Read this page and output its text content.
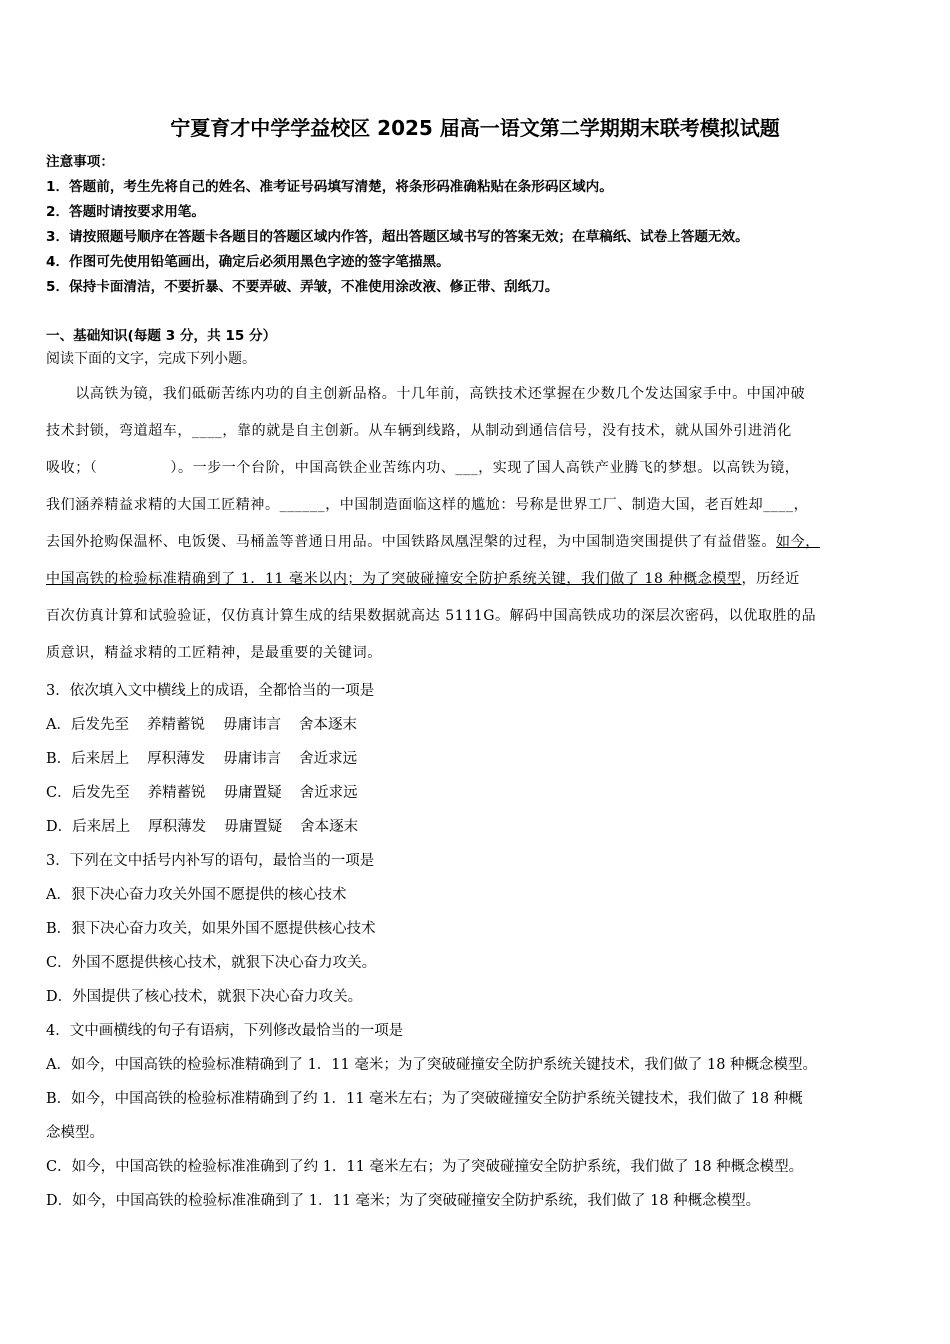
宁夏育才中学学益校区 2025 届高一语文第二学期期末联考模拟试题
注意事项：
1．答题前，考生先将自己的姓名、准考证号码填写清楚，将条形码准确粘贴在条形码区域内。
2．答题时请按要求用笔。
3．请按照题号顺序在答题卡各题目的答题区域内作答，超出答题区域书写的答案无效；在草稿纸、试卷上答题无效。
4．作图可先使用铅笔画出，确定后必须用黑色字迹的签字笔描黑。
5．保持卡面清洁，不要折暴、不要弄破、弄皱，不准使用涂改液、修正带、刮纸刀。
一、基础知识(每题 3 分，共 15 分）
阅读下面的文字，完成下列小题。
　　以高铁为镜，我们砥砺苦练内功的自主创新品格。十几年前，高铁技术还掌握在少数几个发达国家手中。中国冲破
技术封锁，弯道超车，____，靠的就是自主创新。从车辆到线路，从制动到通信信号，没有技术，就从国外引进消化
吸收；（　　　　　）。一步一个台阶，中国高铁企业苦练内功、___，实现了国人高铁产业腾飞的梦想。以高铁为镜，
我们涵养精益求精的大国工匠精神。______，中国制造面临这样的尴尬：号称是世界工厂、制造大国，老百姓却____，
去国外抢购保温杯、电饭煲、马桶盖等普通日用品。中国铁路凤凰涅槃的过程，为中国制造突围提供了有益借鉴。如今，
中国高铁的检验标准精确到了 1．11 毫米以内；为了突破碰撞安全防护系统关键，我们做了 18 种概念模型，历经近
百次仿真计算和试验验证，仅仿真计算生成的结果数据就高达 5111G。解码中国高铁成功的深层次密码，以优取胜的品
质意识，精益求精的工匠精神，是最重要的关键词。
3．依次填入文中横线上的成语，全都恰当的一项是
A．后发先至 养精蓄锐 毋庸讳言 舍本逐末
B．后来居上 厚积薄发 毋庸讳言 舍近求远
C．后发先至 养精蓄锐 毋庸置疑 舍近求远
D．后来居上 厚积薄发 毋庸置疑 舍本逐末
3．下列在文中括号内补写的语句，最恰当的一项是
A．狠下决心奋力攻关外国不愿提供的核心技术
B．狠下决心奋力攻关，如果外国不愿提供核心技术
C．外国不愿提供核心技术，就狠下决心奋力攻关。
D．外国提供了核心技术，就狠下决心奋力攻关。
4．文中画横线的句子有语病，下列修改最恰当的一项是
A．如今，中国高铁的检验标准精确到了 1．11 毫米；为了突破碰撞安全防护系统关键技术，我们做了 18 种概念模型。
B．如今，中国高铁的检验标准精确到了约 1．11 毫米左右；为了突破碰撞安全防护系统关键技术，我们做了 18 种概
念模型。
C．如今，中国高铁的检验标准准确到了约 1．11 毫米左右；为了突破碰撞安全防护系统，我们做了 18 种概念模型。
D．如今，中国高铁的检验标准准确到了 1．11 毫米；为了突破碰撞安全防护系统，我们做了 18 种概念模型。
